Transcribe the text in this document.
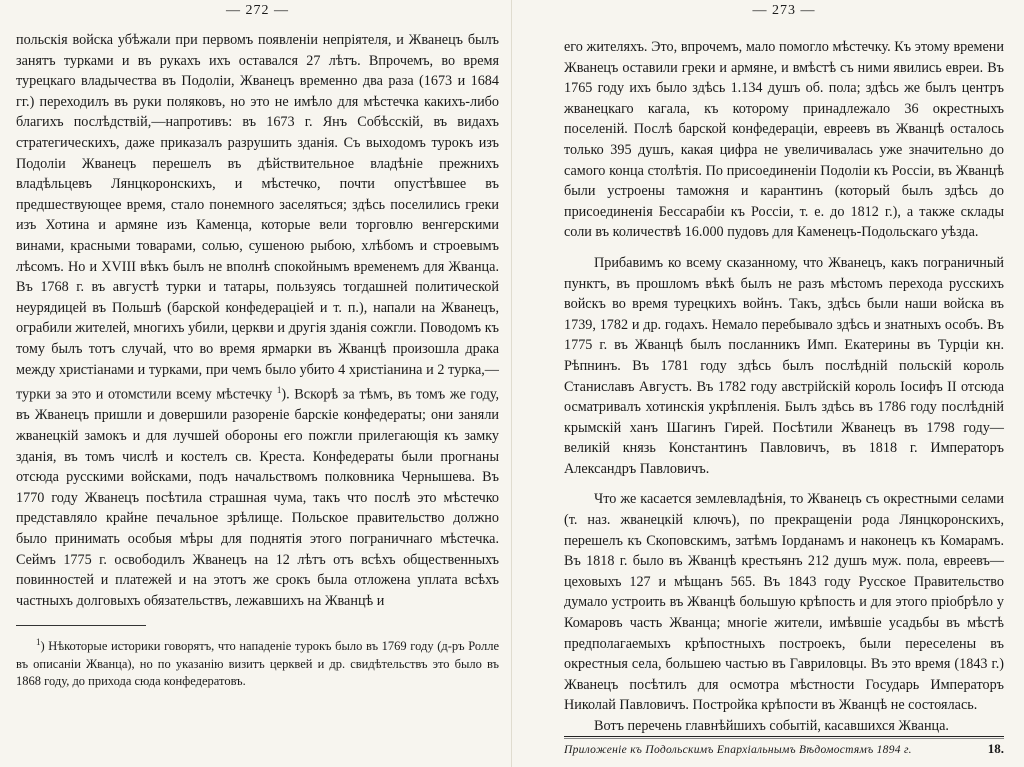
— 272 —

польскія войска убѣжали при первомъ появленіи непріятеля, и Жванецъ былъ занятъ турками и въ рукахъ ихъ оставался 27 лѣтъ. Впрочемъ, во время турецкаго владычества въ Подоліи, Жванецъ временно два раза (1673 и 1684 гг.) переходилъ въ руки поляковъ, но это не имѣло для мѣстечка какихъ-либо благихъ послѣдствій,—напротивъ: въ 1673 г. Янъ Собѣсскій, въ видахъ стратегическихъ, даже приказалъ разрушить зданія. Съ выходомъ турокъ изъ Подоліи Жванецъ перешелъ въ дѣйствительное владѣніе прежнихъ владѣльцевъ Лянцкоронскихъ, и мѣстечко, почти опустѣвшее въ предшествующее время, стало понемного заселяться; здѣсь поселились греки изъ Хотина и армяне изъ Каменца, которые вели торговлю венгерскими винами, красными товарами, солью, сушеною рыбою, хлѣбомъ и строевымъ лѣсомъ. Но и XVIII вѣкъ былъ не вполнѣ спокойнымъ временемъ для Жванца. Въ 1768 г. въ августѣ турки и татары, пользуясь тогдашней политической неурядицей въ Польшѣ (барской конфедераціей и т. п.), напали на Жванецъ, ограбили жителей, многихъ убили, церкви и другія зданія сожгли. Поводомъ къ тому былъ тотъ случай, что во время ярмарки въ Жванцѣ произошла драка между христіанами и турками, при чемъ было убито 4 христіанина и 2 турка,—турки за это и отомстили всему мѣстечку $^1$). Вскорѣ за тѣмъ, въ томъ же году, въ Жванецъ пришли и довершили разореніе барскіе конфедераты; они заняли жванецкій замокъ и для лучшей обороны его пожгли прилегающія къ замку зданія, въ томъ числѣ и костелъ св. Креста. Конфедераты были прогнаны отсюда русскими войсками, подъ начальствомъ полковника Чернышева. Въ 1770 году Жванецъ посѣтила страшная чума, такъ что послѣ это мѣстечко представляло крайне печальное зрѣлище. Польское правительство должно было принимать особыя мѣры для поднятія этого пограничнаго мѣстечка. Сеймъ 1775 г. освободилъ Жванецъ на 12 лѣтъ отъ всѣхъ общественныхъ повинностей и платежей и на этотъ же срокъ была отложена уплата всѣхъ частныхъ долговыхъ обязательствъ, лежавшихъ на Жванцѣ и

$^1$) Нѣкоторые историки говорятъ, что нападеніе турокъ было въ 1769 году (д-ръ Ролле въ описаніи Жванца), но по указанію визитъ церквей и др. свидѣтельствъ это было въ 1868 году, до прихода сюда конфедератовъ.

— 273 —

его жителяхъ. Это, впрочемъ, мало помогло мѣстечку. Къ этому времени Жванецъ оставили греки и армяне, и вмѣстѣ съ ними явились евреи. Въ 1765 году ихъ было здѣсь 1.134 душъ об. пола; здѣсь же былъ центръ жванецкаго кагала, къ которому принадлежало 36 окрестныхъ поселеній. Послѣ барской конфедераціи, евреевъ въ Жванцѣ осталось только 395 душъ, какая цифра не увеличивалась уже значительно до самого конца столѣтія. По присоединеніи Подоліи къ Россіи, въ Жванцѣ были устроены таможня и карантинъ (который былъ здѣсь до присоединенія Бессарабіи къ Россіи, т. е. до 1812 г.), а также склады соли въ количествѣ 16.000 пудовъ для Каменецъ-Подольскаго уѣзда.

Прибавимъ ко всему сказанному, что Жванецъ, какъ пограничный пунктъ, въ прошломъ вѣкѣ былъ не разъ мѣстомъ перехода русскихъ войскъ во время турецкихъ войнъ. Такъ, здѣсь были наши войска въ 1739, 1782 и др. годахъ. Немало перебывало здѣсь и знатныхъ особъ. Въ 1775 г. въ Жванцѣ былъ посланникъ Имп. Екатерины въ Турціи кн. Рѣпнинъ. Въ 1781 году здѣсь былъ послѣдній польскій король Станиславъ Августъ. Въ 1782 году австрійскій король Іосифъ II отсюда осматривалъ хотинскія укрѣпленія. Былъ здѣсь въ 1786 году послѣдній крымскій ханъ Шагинъ Гирей. Посѣтили Жванецъ въ 1798 году— великій князь Константинъ Павловичъ, въ 1818 г. Императоръ Александръ Павловичъ.

Что же касается землевладѣнія, то Жванецъ съ окрестными селами (т. наз. жванецкій ключъ), по прекращеніи рода Лянцкоронскихъ, перешелъ къ Скоповскимъ, затѣмъ Іорданамъ и наконецъ къ Комарамъ. Въ 1818 г. было въ Жванцѣ крестьянъ 212 душъ муж. пола, евреевъ— цеховыхъ 127 и мѣщанъ 565. Въ 1843 году Русское Правительство думало устроить въ Жванцѣ большую крѣпость и для этого пріобрѣло у Комаровъ часть Жванца; многіе жители, имѣвшіе усадьбы въ мѣстѣ предполагаемыхъ крѣпостныхъ построекъ, были переселены въ окрестныя села, большею частью въ Гавриловцы. Въ это время (1843 г.) Жванецъ посѣтилъ для осмотра мѣстности Государь Императоръ Николай Павловичъ. Постройка крѣпости въ Жванцѣ не состоялась.

Вотъ перечень главнѣйшихъ событій, касавшихся Жванца.

Приложеніе къ Подольскимъ Епархіальнымъ Вѣдомостямъ 1894 г.	18.
